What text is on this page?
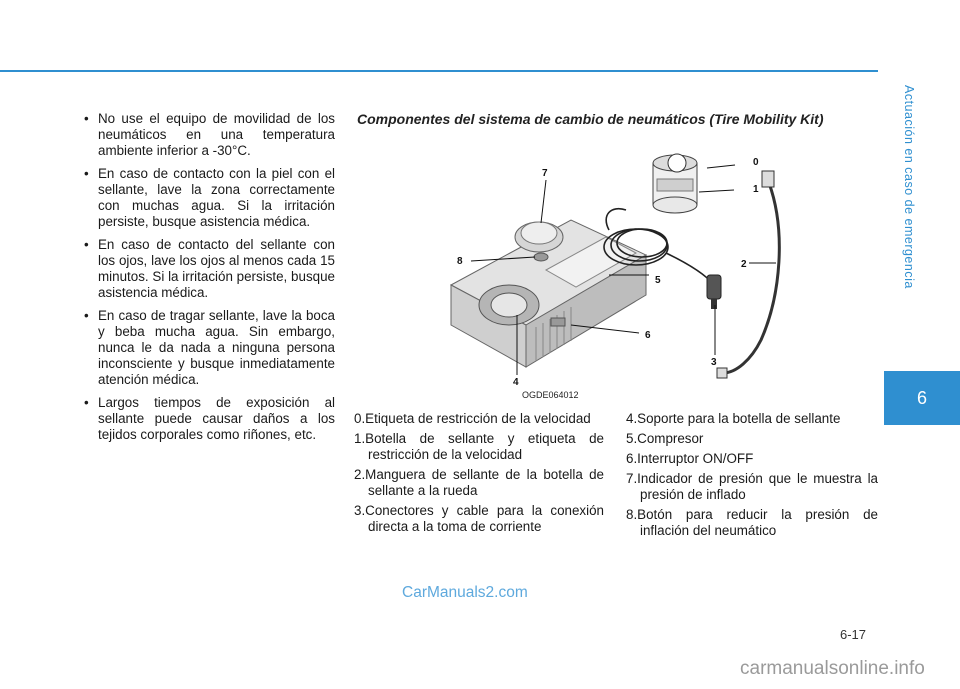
Actuación en caso de emergencia
6
• No use el equipo de movilidad de los neumáticos en una temperatura ambiente inferior a -30°C.
• En caso de contacto con la piel con el sellante, lave la zona correctamente con muchas agua. Si la irritación persiste, busque asistencia médica.
• En caso de contacto del sellante con los ojos, lave los ojos al menos cada 15 minutos. Si la irritación persiste, busque asistencia médica.
• En caso de tragar sellante, lave la boca y beba mucha agua. Sin embargo, nunca le da nada a ninguna persona inconsciente y busque inmediatamente atención médica.
• Largos tiempos de exposición al sellante puede causar daños a los tejidos corporales como riñones, etc.
Componentes del sistema de cambio de neumáticos (Tire Mobility Kit)
0
1
2
3
4
5
6
7
8
OGDE064012
0.Etiqueta de restricción de la velocidad
1.Botella de sellante y etiqueta de restricción de la velocidad
2.Manguera de sellante de la botella de sellante a la rueda
3.Conectores y cable para la conexión directa a la toma de corriente
4.Soporte para la botella de sellante
5.Compresor
6.Interruptor ON/OFF
7.Indicador de presión que le muestra la presión de inflado
8.Botón para reducir la presión de inflación del neumático
CarManuals2.com
6-17
carmanualsonline.info
